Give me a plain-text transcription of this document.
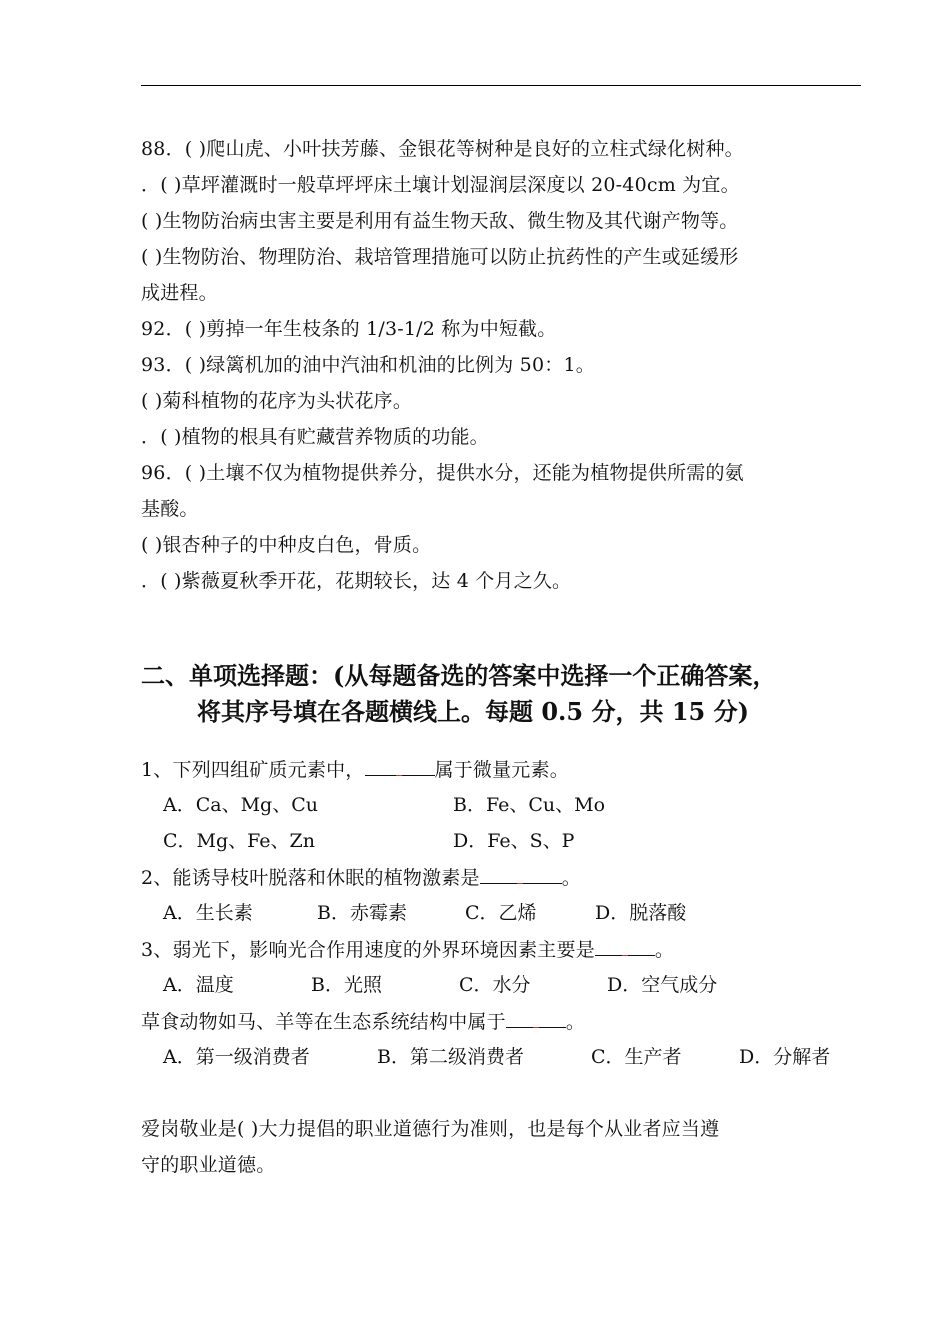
88．( )爬山虎、小叶扶芳藤、金银花等树种是良好的立柱式绿化树种。
．( )草坪灌溉时一般草坪坪床土壤计划湿润层深度以 20-40cm 为宜。
( )生物防治病虫害主要是利用有益生物天敌、微生物及其代谢产物等。
( )生物防治、物理防治、栽培管理措施可以防止抗药性的产生或延缓形
成进程。
92．( )剪掉一年生枝条的 1/3-1/2 称为中短截。
93．( )绿篱机加的油中汽油和机油的比例为 50：1。
( )菊科植物的花序为头状花序。
．( )植物的根具有贮藏营养物质的功能。
96．( )土壤不仅为植物提供养分，提供水分，还能为植物提供所需的氨
基酸。
( )银杏种子的中种皮白色，骨质。
．( )紫薇夏秋季开花，花期较长，达 4 个月之久。
二、单项选择题：(从每题备选的答案中选择一个正确答案，
将其序号填在各题横线上。每题 0.5 分，共 15 分)
1、下列四组矿质元素中，	属于微量元素。
A．Ca、Mg、Cu	B．Fe、Cu、Mo
C．Mg、Fe、Zn	D．Fe、S、P
2、能诱导枝叶脱落和休眠的植物激素是	。
A．生长素	B．赤霉素	C．乙烯	D．脱落酸
3、弱光下，影响光合作用速度的外界环境因素主要是	。
A．温度	B．光照	C．水分	D．空气成分
草食动物如马、羊等在生态系统结构中属于	。
A．第一级消费者	B．第二级消费者	C．生产者	D．分解者
爱岗敬业是( )大力提倡的职业道德行为准则，也是每个从业者应当遵
守的职业道德。
